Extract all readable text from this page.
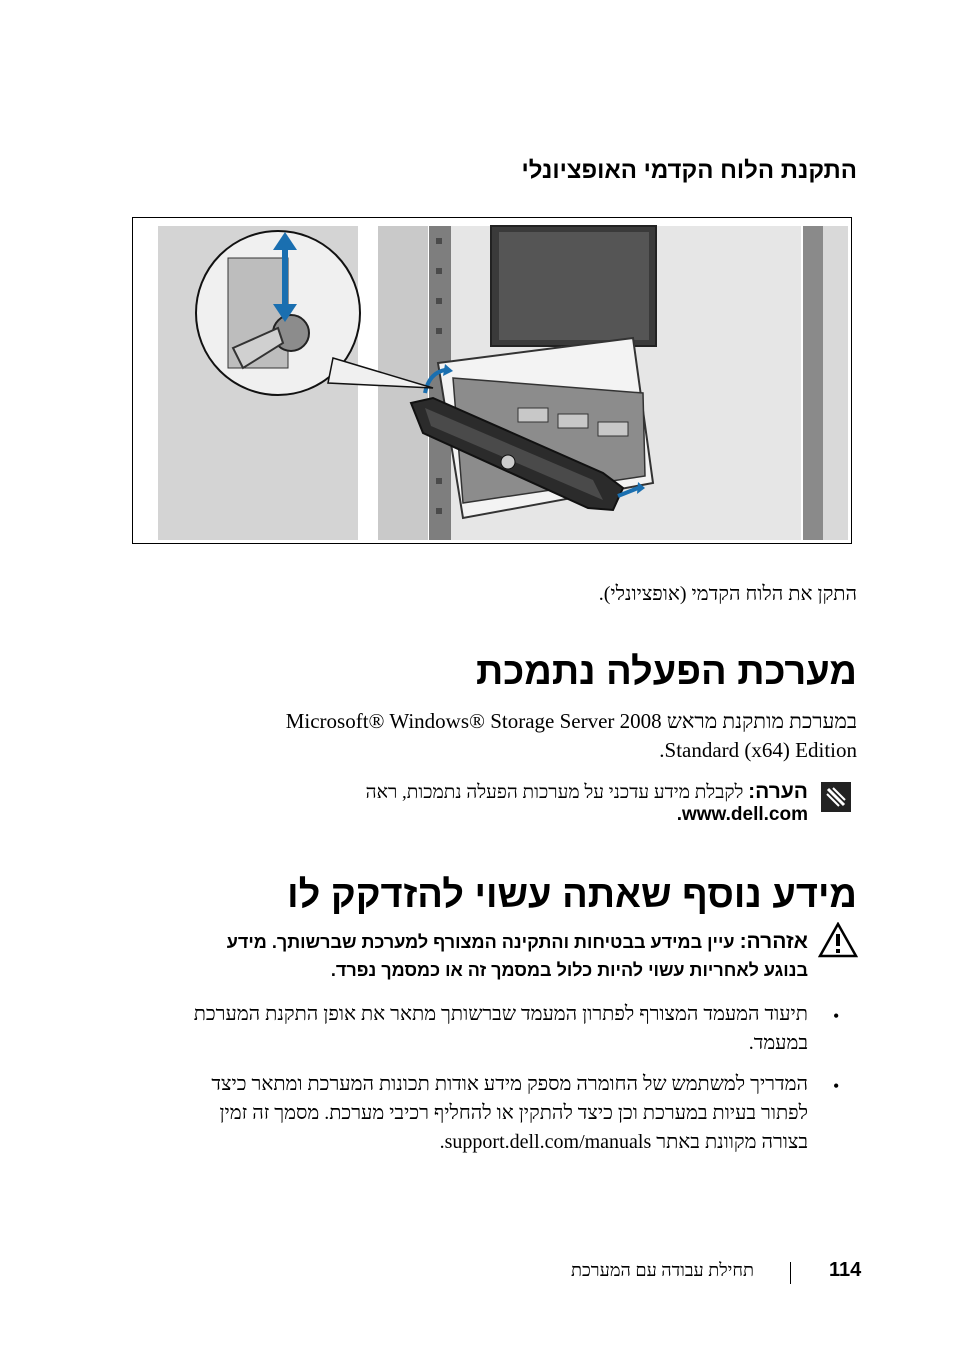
התקנת הלוח הקדמי האופציונלי
התקן את הלוח הקדמי (אופציונלי).
מערכת הפעלה נתמכת
במערכת מותקנת מראש Microsoft® Windows® Storage Server 2008
Standard (x64) Edition.
הערה: לקבלת מידע עדכני על מערכות הפעלה נתמכות, ראה
www.dell.com.
מידע נוסף שאתה עשוי להזדקק לו
אזהרה: עיין במידע בבטיחות והתקינה המצורף למערכת שברשותך. מידע
בנוגע לאחריות עשוי להיות כלול במסמך זה או כמסמך נפרד.
•
תיעוד המעמד המצורף לפתרון המעמד שברשותך מתאר את אופן התקנת המערכת
במעמד.
•
המדריך למשתמש של החומרה מספק מידע אודות תכונות המערכת ומתאר כיצד
לפתור בעיות במערכת וכן כיצד להתקין או להחליף רכיבי מערכת. מסמך זה זמין
בצורה מקוונת באתר support.dell.com/manuals.
114
תחילת עבודה עם המערכת
